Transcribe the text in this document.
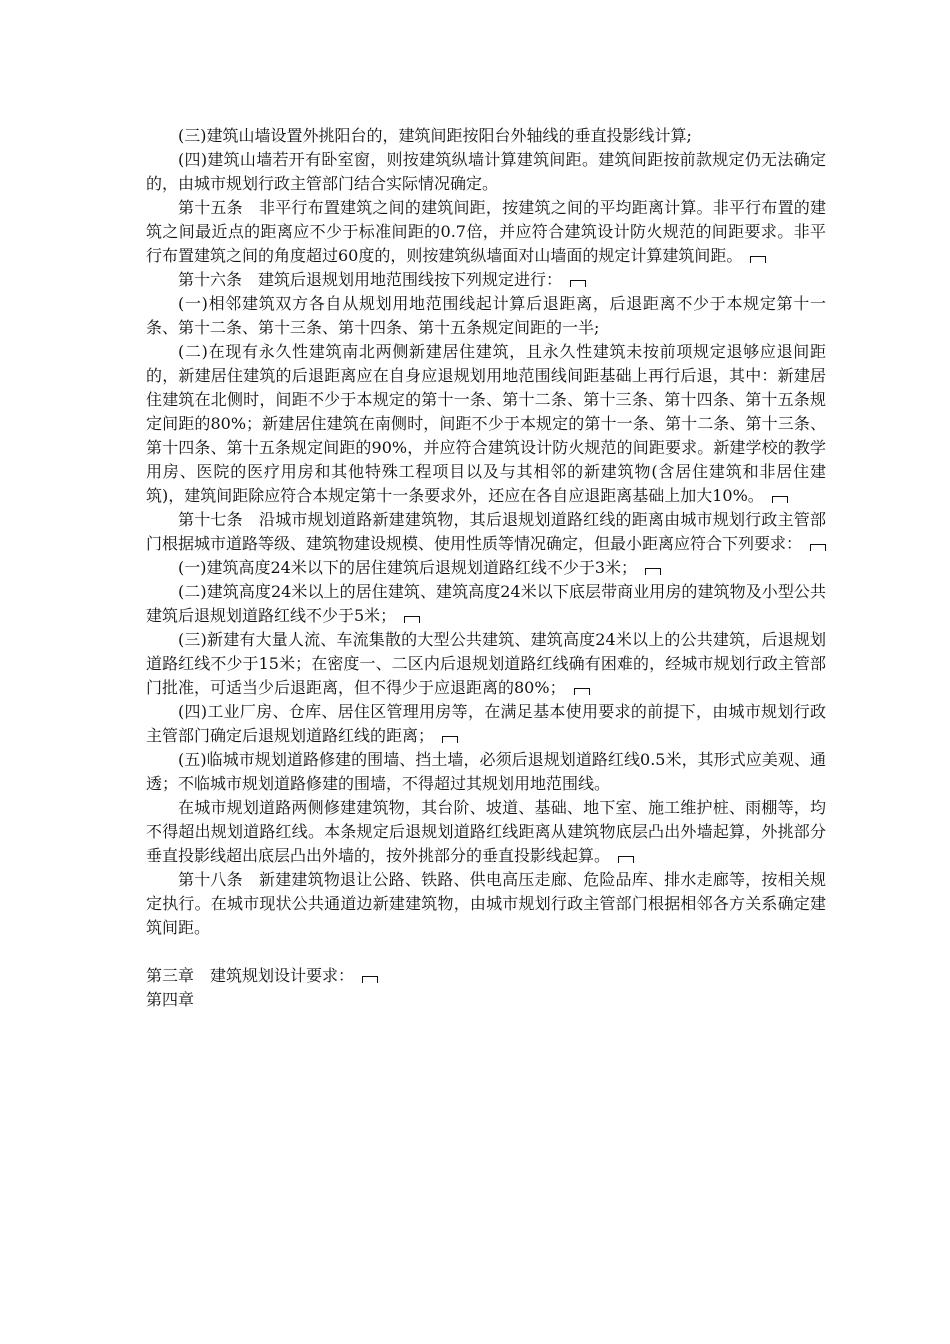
(三)建筑山墙设置外挑阳台的，建筑间距按阳台外轴线的垂直投影线计算;

(四)建筑山墙若开有卧室窗，则按建筑纵墙计算建筑间距。建筑间距按前款规定仍无法确定的，由城市规划行政主管部门结合实际情况确定。

第十五条　非平行布置建筑之间的建筑间距，按建筑之间的平均距离计算。非平行布置的建筑之间最近点的距离应不少于标准间距的0.7倍，并应符合建筑设计防火规范的间距要求。非平行布置建筑之间的角度超过60度的，则按建筑纵墙面对山墙面的规定计算建筑间距。

第十六条　建筑后退规划用地范围线按下列规定进行：

(一)相邻建筑双方各自从规划用地范围线起计算后退距离，后退距离不少于本规定第十一条、第十二条、第十三条、第十四条、第十五条规定间距的一半;

(二)在现有永久性建筑南北两侧新建居住建筑，且永久性建筑未按前项规定退够应退间距的，新建居住建筑的后退距离应在自身应退规划用地范围线间距基础上再行后退，其中：新建居住建筑在北侧时，间距不少于本规定的第十一条、第十二条、第十三条、第十四条、第十五条规定间距的80%；新建居住建筑在南侧时，间距不少于本规定的第十一条、第十二条、第十三条、第十四条、第十五条规定间距的90%，并应符合建筑设计防火规范的间距要求。新建学校的教学用房、医院的医疗用房和其他特殊工程项目以及与其相邻的新建筑物(含居住建筑和非居住建筑)，建筑间距除应符合本规定第十一条要求外，还应在各自应退距离基础上加大10%。

第十七条　沿城市规划道路新建建筑物，其后退规划道路红线的距离由城市规划行政主管部门根据城市道路等级、建筑物建设规模、使用性质等情况确定，但最小距离应符合下列要求：

(一)建筑高度24米以下的居住建筑后退规划道路红线不少于3米；

(二)建筑高度24米以上的居住建筑、建筑高度24米以下底层带商业用房的建筑物及小型公共建筑后退规划道路红线不少于5米；

(三)新建有大量人流、车流集散的大型公共建筑、建筑高度24米以上的公共建筑，后退规划道路红线不少于15米；在密度一、二区内后退规划道路红线确有困难的，经城市规划行政主管部门批准，可适当少后退距离，但不得少于应退距离的80%；

(四)工业厂房、仓库、居住区管理用房等，在满足基本使用要求的前提下，由城市规划行政主管部门确定后退规划道路红线的距离；

(五)临城市规划道路修建的围墙、挡土墙，必须后退规划道路红线0.5米，其形式应美观、通透；不临城市规划道路修建的围墙，不得超过其规划用地范围线。

在城市规划道路两侧修建建筑物，其台阶、坡道、基础、地下室、施工维护桩、雨棚等，均不得超出规划道路红线。本条规定后退规划道路红线距离从建筑物底层凸出外墙起算，外挑部分垂直投影线超出底层凸出外墙的，按外挑部分的垂直投影线起算。

第十八条　新建建筑物退让公路、铁路、供电高压走廊、危险品库、排水走廊等，按相关规定执行。在城市现状公共通道边新建建筑物，由城市规划行政主管部门根据相邻各方关系确定建筑间距。

第三章　建筑规划设计要求：

第四章
